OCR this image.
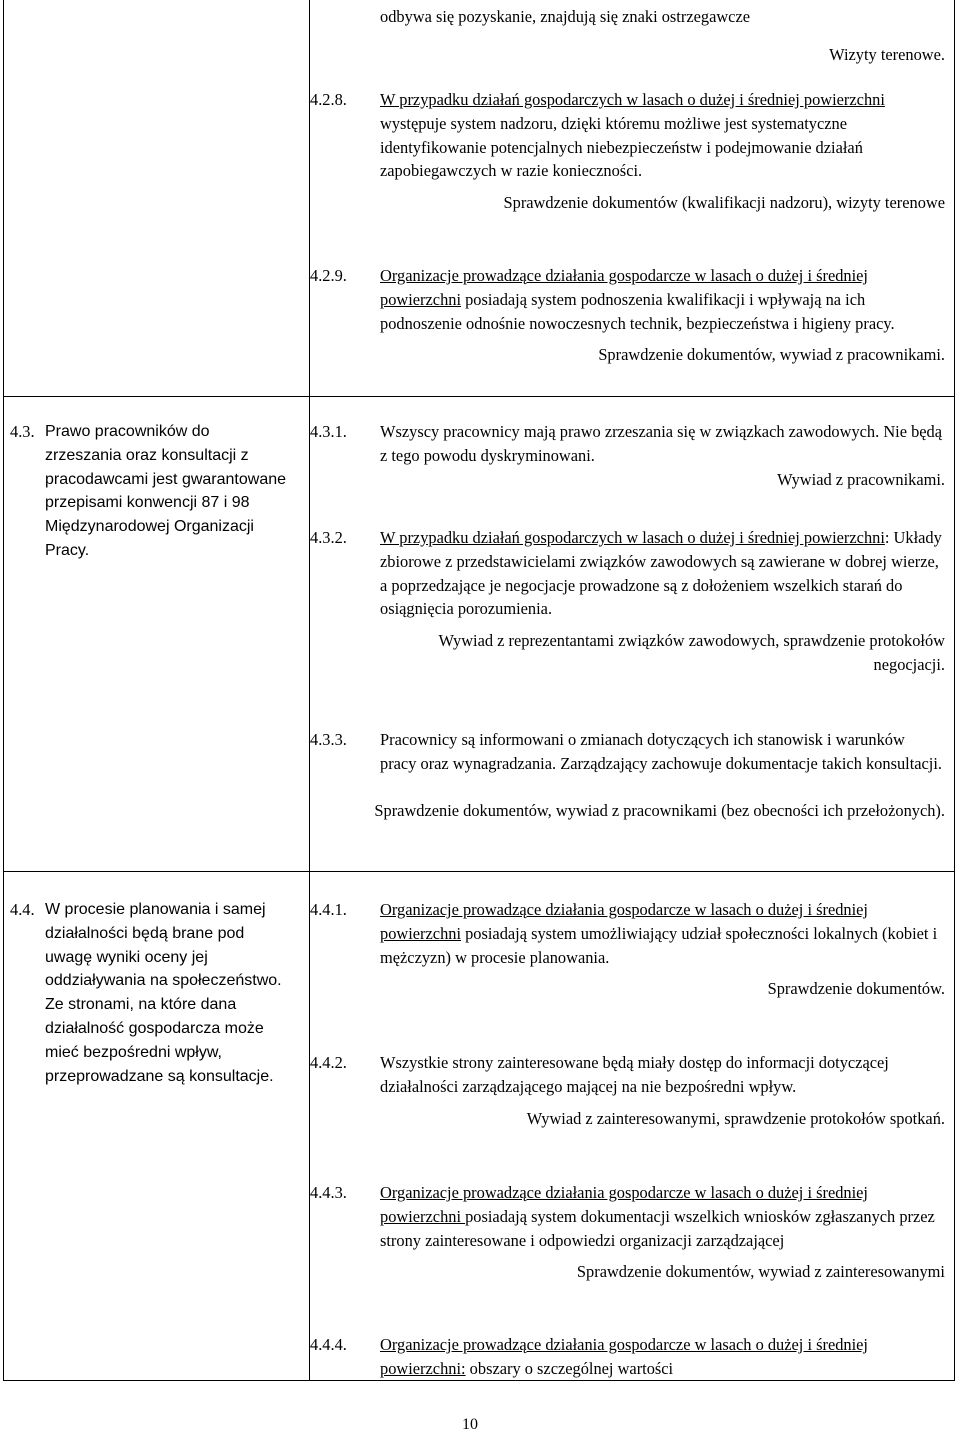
odbywa się pozyskanie, znajdują się znaki ostrzegawcze
Wizyty terenowe.
4.2.8. W przypadku działań gospodarczych w lasach o dużej i średniej powierzchni występuje system nadzoru, dzięki któremu możliwe jest systematyczne identyfikowanie potencjalnych niebezpieczeństw i podejmowanie działań zapobiegawczych w razie konieczności.
Sprawdzenie dokumentów (kwalifikacji nadzoru), wizyty terenowe
4.2.9. Organizacje prowadzące działania gospodarcze w lasach o dużej i średniej powierzchni posiadają system podnoszenia kwalifikacji i wpływają na ich podnoszenie odnośnie nowoczesnych technik, bezpieczeństwa i higieny pracy.
Sprawdzenie dokumentów, wywiad z pracownikami.
4.3. Prawo pracowników do zrzeszania oraz konsultacji z pracodawcami jest gwarantowane przepisami konwencji 87 i 98 Międzynarodowej Organizacji Pracy.
4.3.1. Wszyscy pracownicy mają prawo zrzeszania się w związkach zawodowych. Nie będą z tego powodu dyskryminowani.
Wywiad z pracownikami.
4.3.2. W przypadku działań gospodarczych w lasach o dużej i średniej powierzchni: Układy zbiorowe z przedstawicielami związków zawodowych są zawierane w dobrej wierze, a poprzedzające je negocjacje prowadzone są z dołożeniem wszelkich starań do osiągnięcia porozumienia.
Wywiad z reprezentantami związków zawodowych, sprawdzenie protokołów negocjacji.
4.3.3. Pracownicy są informowani o zmianach dotyczących ich stanowisk i warunków pracy oraz wynagradzania. Zarządzający zachowuje dokumentacje takich konsultacji.
Sprawdzenie dokumentów, wywiad z pracownikami (bez obecności ich przełożonych).
4.4. W procesie planowania i samej działalności będą brane pod uwagę wyniki oceny jej oddziaływania na społeczeństwo. Ze stronami, na które dana działalność gospodarcza może mieć bezpośredni wpływ, przeprowadzane są konsultacje.
4.4.1. Organizacje prowadzące działania gospodarcze w lasach o dużej i średniej powierzchni posiadają system umożliwiający udział społeczności lokalnych (kobiet i mężczyzn) w procesie planowania.
Sprawdzenie dokumentów.
4.4.2. Wszystkie strony zainteresowane będą miały dostęp do informacji dotyczącej działalności zarządzającego mającej na nie bezpośredni wpływ.
Wywiad z zainteresowanymi, sprawdzenie protokołów spotkań.
4.4.3. Organizacje prowadzące działania gospodarcze w lasach o dużej i średniej powierzchni posiadają system dokumentacji wszelkich wniosków zgłaszanych przez strony zainteresowane i odpowiedzi organizacji zarządzającej
Sprawdzenie dokumentów, wywiad z zainteresowanymi
4.4.4. Organizacje prowadzące działania gospodarcze w lasach o dużej i średniej powierzchni: obszary o szczególnej wartości
10
